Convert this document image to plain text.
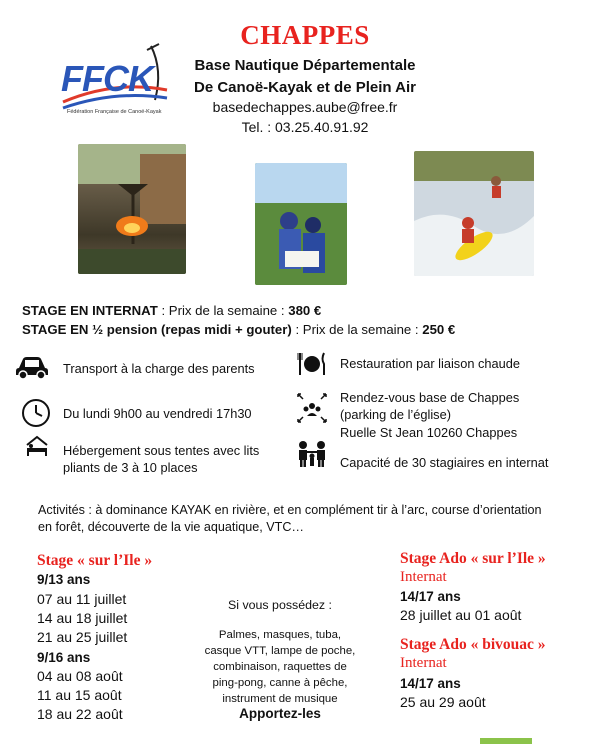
CHAPPES
Base Nautique Départementale
De Canoë-Kayak et de Plein Air
basedechappes.aube@free.fr
Tel. : 03.25.40.91.92
FFCK
Fédération Française de Canoë-Kayak
STAGE EN INTERNAT : Prix de la semaine : 380 €
STAGE EN ½ pension (repas midi + gouter) : Prix de la semaine : 250 €
Transport à la charge des parents
Du lundi 9h00 au vendredi 17h30
Hébergement sous tentes avec lits
pliants de 3 à 10 places
Restauration par liaison chaude
Rendez-vous base de Chappes
(parking de l’église)
Ruelle St Jean 10260 Chappes
Capacité de 30 stagiaires en internat
Activités : à dominance KAYAK en rivière, et en complément tir à l’arc, course d’orientation
en forêt, découverte de la vie aquatique, VTC…
Stage « sur l’Ile »
9/13 ans
07 au 11 juillet
14 au 18 juillet
21 au 25 juillet
9/16 ans
04 au 08 août
11 au 15 août
18 au 22 août
Si vous possédez :
Palmes, masques, tuba,
casque VTT, lampe de poche,
combinaison, raquettes de
ping-pong, canne à pêche,
instrument de musique
Apportez-les
Stage Ado « sur l’Ile »
Internat
14/17 ans
28 juillet au 01 août
Stage Ado « bivouac »
Internat
14/17 ans
25 au 29 août
